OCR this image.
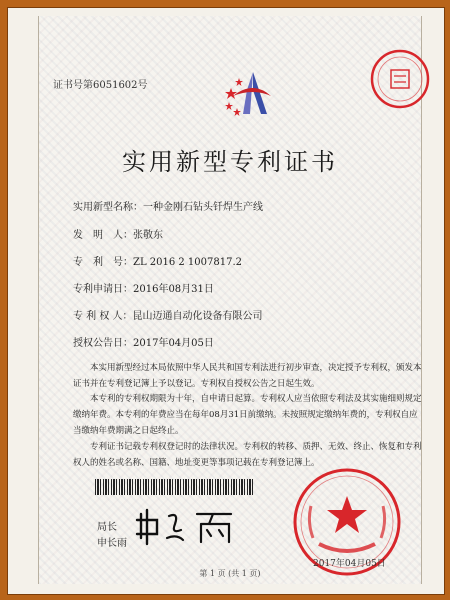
证书号第6051602号
实用新型专利证书
实用新型名称：一种金刚石钻头钎焊生产线
发　明　人：张敬东
专　利　号：ZL 2016 2 1007817.2
专利申请日：2016年08月31日
专 利 权 人：昆山迈通自动化设备有限公司
授权公告日：2017年04月05日

本实用新型经过本局依照中华人民共和国专利法进行初步审查，决定授予专利权，颁发本证书并在专利登记簿上予以登记。专利权自授权公告之日起生效。

本专利的专利权期限为十年，自申请日起算。专利权人应当依照专利法及其实施细则规定缴纳年费。本专利的年费应当在每年08月31日前缴纳。未按照规定缴纳年费的，专利权自应当缴纳年费期满之日起终止。

专利证书记载专利权登记时的法律状况。专利权的转移、质押、无效、终止、恢复和专利权人的姓名或名称、国籍、地址变更等事项记载在专利登记簿上。

局长
申长雨
2017年04月05日
第 1 页 (共 1 页)
